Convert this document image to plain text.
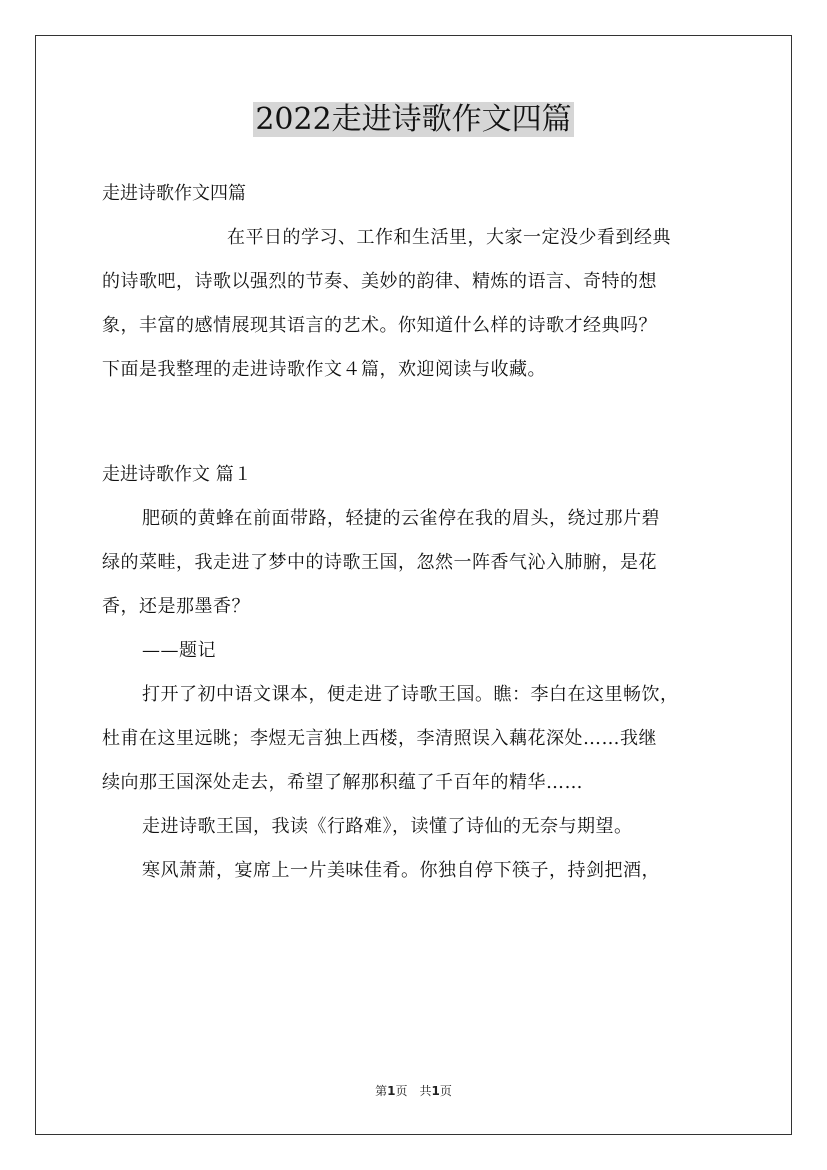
2022走进诗歌作文四篇

走进诗歌作文四篇

在平日的学习、工作和生活里，大家一定没少看到经典

的诗歌吧，诗歌以强烈的节奏、美妙的韵律、精炼的语言、奇特的想

象，丰富的感情展现其语言的艺术。你知道什么样的诗歌才经典吗？

下面是我整理的走进诗歌作文４篇，欢迎阅读与收藏。

走进诗歌作文 篇１

肥硕的黄蜂在前面带路，轻捷的云雀停在我的眉头，绕过那片碧

绿的菜畦，我走进了梦中的诗歌王国，忽然一阵香气沁入肺腑，是花

香，还是那墨香？

——题记

打开了初中语文课本，便走进了诗歌王国。瞧：李白在这里畅饮，

杜甫在这里远眺；李煜无言独上西楼，李清照误入藕花深处……我继

续向那王国深处走去，希望了解那积蕴了千百年的精华……

走进诗歌王国，我读《行路难》，读懂了诗仙的无奈与期望。

寒风萧萧，宴席上一片美味佳肴。你独自停下筷子，持剑把酒，

第1页　共1页
